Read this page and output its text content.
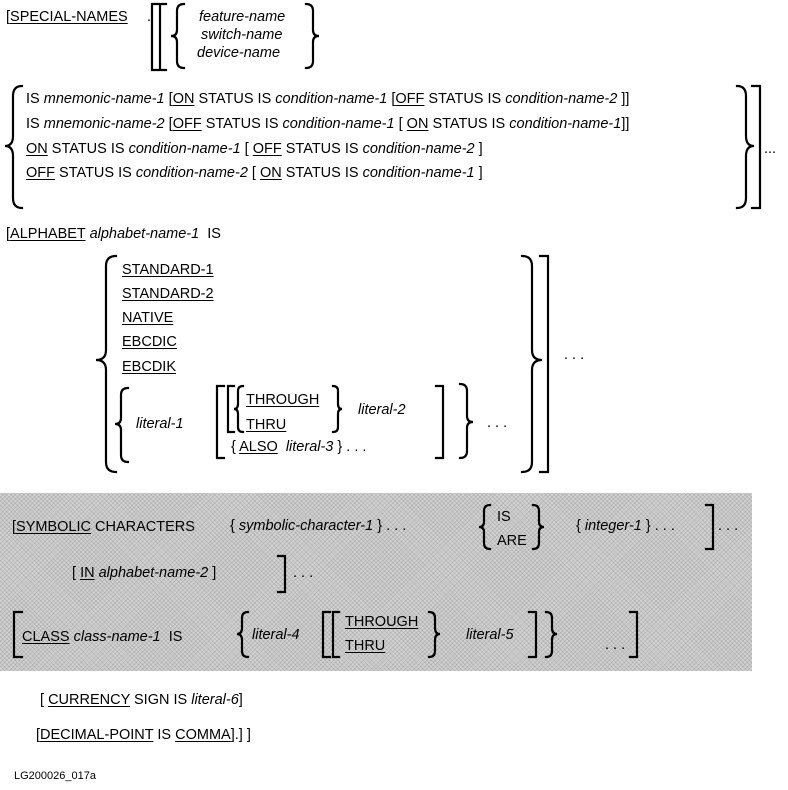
[SPECIAL-NAMES .	feature-name
switch-name
device-name
IS mnemonic-name-1 [ON STATUS IS condition-name-1 [OFF STATUS IS condition-name-2 ]]
IS mnemonic-name-2 [OFF STATUS IS condition-name-1 [ ON STATUS IS condition-name-1]]
ON STATUS IS condition-name-1 [ OFF STATUS IS condition-name-2 ]
OFF STATUS IS condition-name-2 [ ON STATUS IS condition-name-1 ]
...
[ALPHABET alphabet-name-1 IS
STANDARD-1
STANDARD-2
NATIVE
EBCDIC
EBCDIK
. . .
literal-1
THROUGH
THRU
literal-2
{ ALSO literal-3 } . . .
. . .
[SYMBOLIC CHARACTERS { symbolic-character-1 } . . .
IS
ARE
{ integer-1 } . . .	. . .
[ IN alphabet-name-2 ]	. . .
CLASS class-name-1 IS	literal-4
THROUGH
THRU
literal-5
. . .
[ CURRENCY SIGN IS literal-6]
[DECIMAL-POINT IS COMMA].] ]
LG200026_017a
